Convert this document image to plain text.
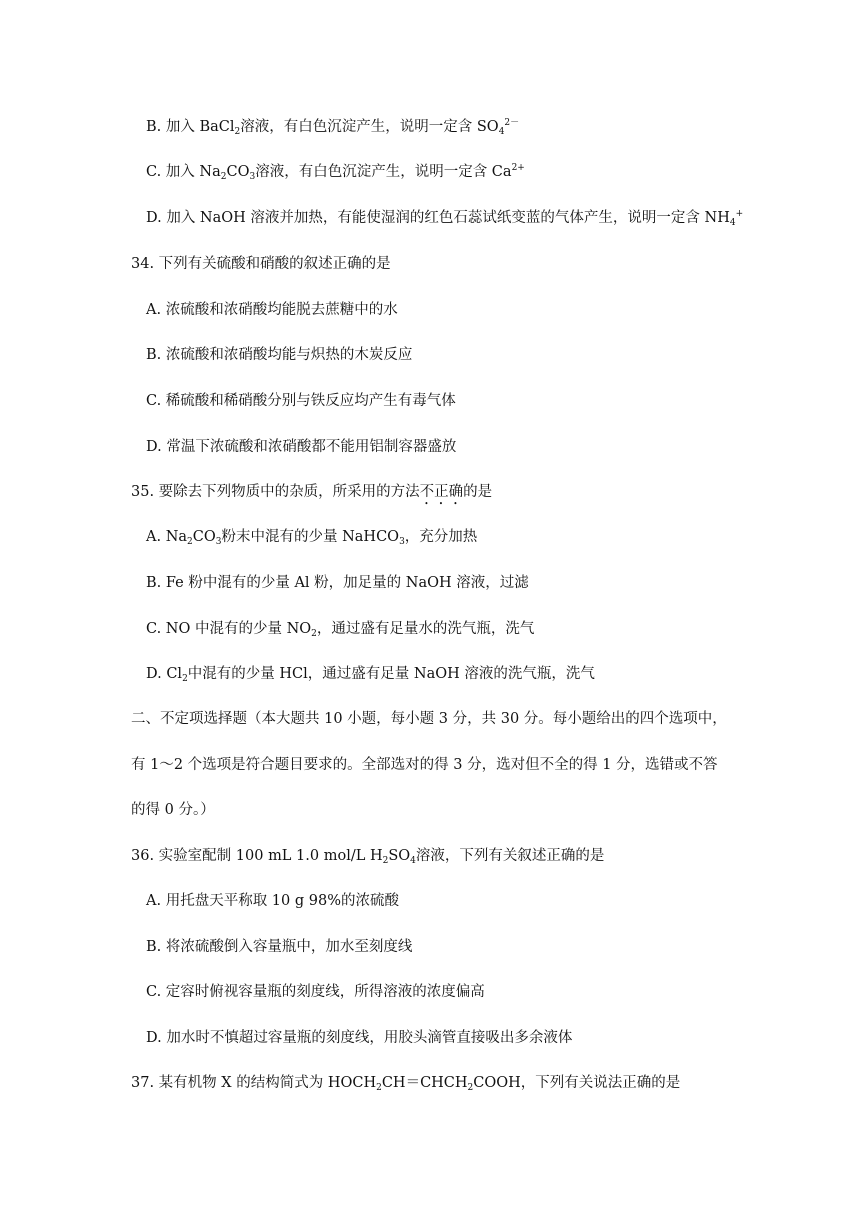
B. 加入 BaCl$_2$溶液，有白色沉淀产生，说明一定含 $SO_4^{2-}$
C. 加入 $Na_2CO_3$溶液，有白色沉淀产生，说明一定含 $Ca^{2+}$
D. 加入 NaOH 溶液并加热，有能使湿润的红色石蕊试纸变蓝的气体产生，说明一定含 $NH_4^+$
34. 下列有关硫酸和硝酸的叙述正确的是
A. 浓硫酸和浓硝酸均能脱去蔗糖中的水
B. 浓硫酸和浓硝酸均能与炽热的木炭反应
C. 稀硫酸和稀硝酸分别与铁反应均产生有毒气体
D. 常温下浓硫酸和浓硝酸都不能用铝制容器盛放
35. 要除去下列物质中的杂质，所采用的方法不正确的是
A. $Na_2CO_3$粉末中混有的少量 NaHCO$_3$，充分加热
B. Fe 粉中混有的少量 Al 粉，加足量的 NaOH 溶液，过滤
C. NO 中混有的少量 $NO_2$，通过盛有足量水的洗气瓶，洗气
D. $Cl_2$中混有的少量 HCl，通过盛有足量 NaOH 溶液的洗气瓶，洗气
二、不定项选择题（本大题共 10 小题，每小题 3 分，共 30 分。每小题给出的四个选项中，
有 1～2 个选项是符合题目要求的。全部选对的得 3 分，选对但不全的得 1 分，选错或不答
的得 0 分。）
36. 实验室配制 100 mL 1.0 mol/L $H_2SO_4$溶液，下列有关叙述正确的是
A. 用托盘天平称取 10 g 98%的浓硫酸
B. 将浓硫酸倒入容量瓶中，加水至刻度线
C. 定容时俯视容量瓶的刻度线，所得溶液的浓度偏高
D. 加水时不慎超过容量瓶的刻度线，用胶头滴管直接吸出多余液体
37. 某有机物 X 的结构简式为 $HOCH_2CH=CHCH_2COOH$，下列有关说法正确的是
